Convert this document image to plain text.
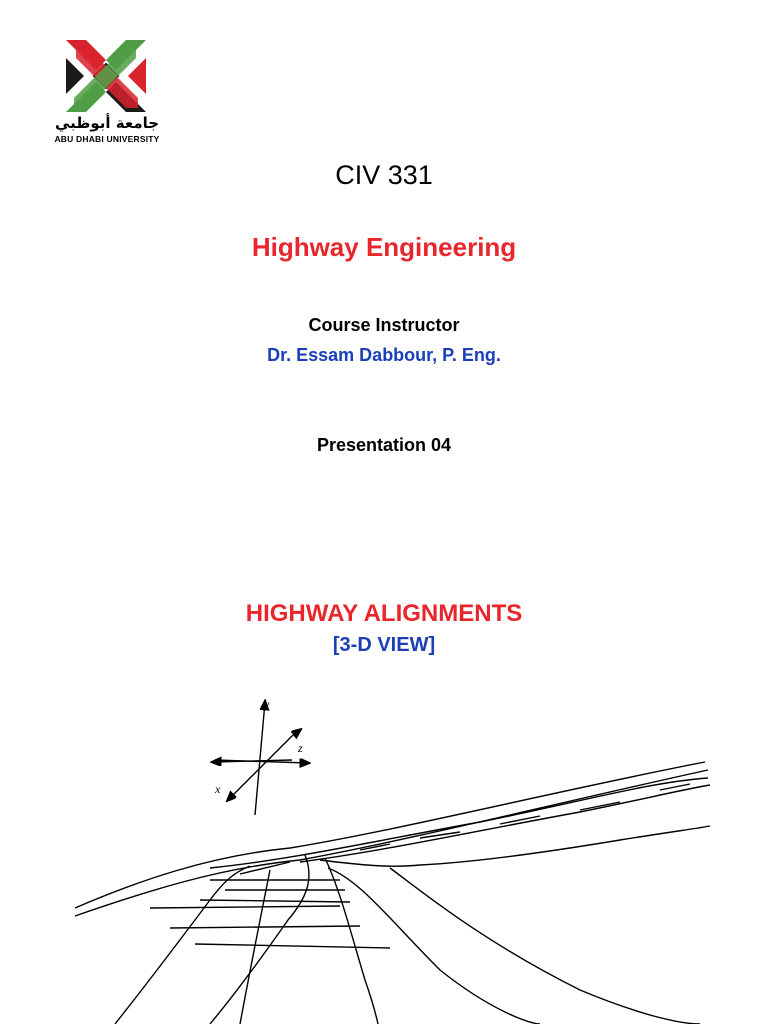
جامعة أبوظبي
ABU DHABI UNIVERSITY
CIV 331
Highway Engineering
Course Instructor
Dr. Essam Dabbour, P. Eng.
Presentation 04
HIGHWAY ALIGNMENTS
[3-D VIEW]
y
z
x
